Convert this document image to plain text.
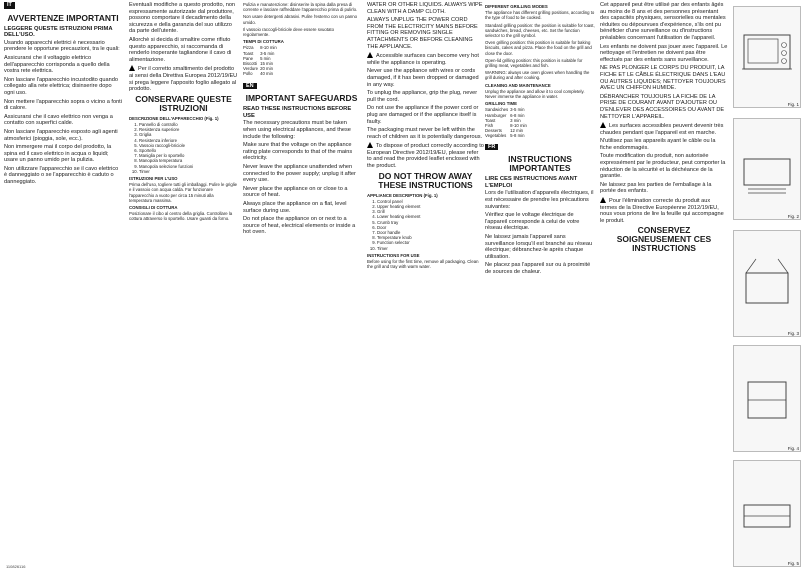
IT
AVVERTENZE IMPORTANTI
LEGGERE QUESTE ISTRUZIONI PRIMA DELL'USO.

Usando apparecchi elettrici è necessario prendere le opportune precauzioni, tra le quali:

Assicurarsi che il voltaggio elettrico dell'apparecchio corrisponda a quello della vostra rete elettrica.

Non lasciare l'apparecchio incustodito quando collegato alla rete elettrica; disinserire dopo ogni uso.

Non mettere l'apparecchio sopra o vicino a fonti di calore.

Assicurarsi che il cavo elettrico non venga a contatto con superfici calde.

Non lasciare l'apparecchio esposto agli agenti atmosferici (pioggia, sole, ecc.).

Non immergere mai il corpo del prodotto, la spina ed il cavo elettrico in acqua o liquidi; usare un panno umido per la pulizia.

Non utilizzare l'apparecchio se il cavo elettrico è danneggiato o se l'apparecchio è caduto o danneggiato.

Eventuali modifiche a questo prodotto, non espressamente autorizzate dal produttore, possono comportare il decadimento della sicurezza e della garanzia del suo utilizzo da parte dell'utente.

Allorchè si decida di smaltire come rifiuto questo apparecchio, si raccomanda di renderlo inoperante tagliandone il cavo di alimentazione.

Per il corretto smaltimento del prodotto ai sensi della Direttiva Europea 2012/19/EU si prega leggere l'apposito foglio allegato al prodotto.

CONSERVARE QUESTE ISTRUZIONI
DESCRIZIONE DELL'APPARECCHIO (Fig. 1)
1. Pannello di controllo
2. Resistenza superiore
3. Griglia
4. Resistenza inferiore
5. Vassoio raccogli-briciole
6. Sportello
7. Maniglia per lo sportello
8. Manopola temperatura
9. Manopola selezione funzioni
10. Timer
ISTRUZIONI PER L'USO

Prima dell'uso, togliere tutti gli imballaggi. Pulire le griglie e il vassoio con acqua calda. Far funzionare l'apparecchio a vuoto per circa 15 minuti alla temperatura massima.

CONSIGLI DI COTTURA

Posizionare il cibo al centro della griglia. Controllare la cottura attraverso lo sportello. Usare guanti da forno.

Pulizia e manutenzione: disinserire la spina dalla presa di corrente e lasciare raffreddare l'apparecchio prima di pulirlo.

Non usare detergenti abrasivi. Pulire l'esterno con un panno umido.

Il vassoio raccogli-briciole deve essere svuotato regolarmente.

TEMPI DI COTTURA
Pizza	8-10 min
Toast	3-5 min
Pane	5 min
Biscotti	15 min
Verdure	20 min
Pollo	40 min
EN
IMPORTANT SAFEGUARDS
READ THESE INSTRUCTIONS BEFORE USE

The necessary precautions must be taken when using electrical appliances, and these include the following:

Make sure that the voltage on the appliance rating plate corresponds to that of the mains electricity.

Never leave the appliance unattended when connected to the power supply; unplug it after every use.

Never place the appliance on or close to a source of heat.

Always place the appliance on a flat, level surface during use.

Do not place the appliance on or next to a source of heat, electrical elements or inside a hot oven.

WATER OR OTHER LIQUIDS. ALWAYS WIPE CLEAN WITH A DAMP CLOTH.

ALWAYS UNPLUG THE POWER CORD FROM THE ELECTRICITY MAINS BEFORE FITTING OR REMOVING SINGLE ATTACHMENTS OR BEFORE CLEANING THE APPLIANCE.

Accessible surfaces can become very hot while the appliance is operating.

Never use the appliance with wires or cords damaged, if it has been dropped or damaged in any way.

To unplug the appliance, grip the plug, never pull the cord.

Do not use the appliance if the power cord or plug are damaged or if the appliance itself is faulty.

The packaging must never be left within the reach of children as it is potentially dangerous.

To dispose of product correctly according to European Directive 2012/19/EU, please refer to and read the provided leaflet enclosed with the product.

DO NOT THROW AWAY THESE INSTRUCTIONS
APPLIANCE DESCRIPTION (Fig. 1)
1. Control panel
2. Upper heating element
3. Grill
4. Lower heating element
5. Crumb tray
6. Door
7. Door handle
8. Temperature knob
9. Function selector
10. Timer
INSTRUCTIONS FOR USE

Before using for the first time, remove all packaging. Clean the grill and tray with warm water.

DIFFERENT GRILLING MODES

The appliance has different grilling positions, according to the type of food to be cooked.

Standard grilling position: the position is suitable for toast, sandwiches, bread, cheeses, etc. Set the function selector to the grill symbol.

Oven grilling position: this position is suitable for baking biscuits, cakes and pizza. Place the food on the grill and close the door.

Open-lid grilling position: this position is suitable for grilling meat, vegetables and fish.

WARNING: always use oven gloves when handling the grill during and after cooking.

CLEANING AND MAINTENANCE

Unplug the appliance and allow it to cool completely. Never immerse the appliance in water.

GRILLING TIME
Sandwiches	3-5 min
Hamburger	6-8 min
Toast	3 min
Fish	8-10 min
Desserts	12 min
Vegetables	5-8 min
FR
INSTRUCTIONS IMPORTANTES
LIRE CES INSTRUCTIONS AVANT L'EMPLOI

Lors de l'utilisation d'appareils électriques, il est nécessaire de prendre les précautions suivantes:

Vérifiez que le voltage électrique de l'appareil corresponde à celui de votre réseau électrique.

Ne laissez jamais l'appareil sans surveillance lorsqu'il est branché au réseau électrique; débranchez-le après chaque utilisation.

Ne placez pas l'appareil sur ou à proximité de sources de chaleur.

Cet appareil peut être utilisé par des enfants âgés au moins de 8 ans et des personnes présentant des capacités physiques, sensorielles ou mentales réduites ou dépourvues d'expérience, s'ils ont pu bénéficier d'une surveillance ou d'instructions préalables concernant l'utilisation de l'appareil.

Les enfants ne doivent pas jouer avec l'appareil. Le nettoyage et l'entretien ne doivent pas être effectués par des enfants sans surveillance.

NE PAS PLONGER LE CORPS DU PRODUIT, LA FICHE ET LE CÂBLE ÉLECTRIQUE DANS L'EAU OU AUTRES LIQUIDES; NETTOYER TOUJOURS AVEC UN CHIFFON HUMIDE.

DÉBRANCHER TOUJOURS LA FICHE DE LA PRISE DE COURANT AVANT D'AJOUTER OU D'ENLEVER DES ACCESSOIRES OU AVANT DE NETTOYER L'APPAREIL.

Les surfaces accessibles peuvent devenir très chaudes pendant que l'appareil est en marche.

N'utilisez pas les appareils ayant le câble ou la fiche endommagés.

Toute modification du produit, non autorisée expressément par le producteur, peut comporter la réduction de la sécurité et la déchéance de la garantie.

Ne laissez pas les parties de l'emballage à la portée des enfants.

Pour l'élimination correcte du produit aux termes de la Directive Européenne 2012/19/EU, nous vous prions de lire la feuille qui accompagne le produit.

CONSERVEZ SOIGNEUSEMENT CES INSTRUCTIONS
Fig. 1
Fig. 2
Fig. 3
Fig. 4
Fig. 5
110826116
